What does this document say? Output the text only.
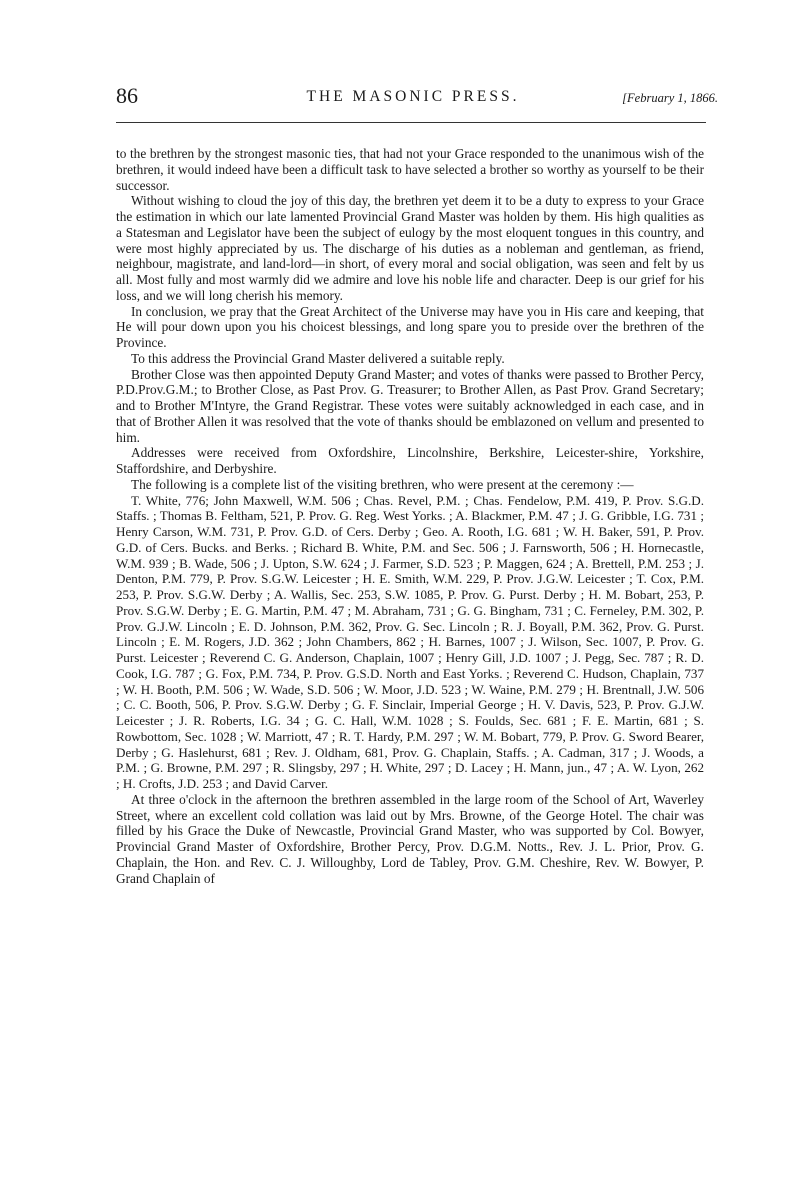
86	THE MASONIC PRESS.	[February 1, 1866.

to the brethren by the strongest masonic ties, that had not your Grace responded to the unanimous wish of the brethren, it would indeed have been a difficult task to have selected a brother so worthy as yourself to be their successor.

Without wishing to cloud the joy of this day, the brethren yet deem it to be a duty to express to your Grace the estimation in which our late lamented Provincial Grand Master was holden by them. His high qualities as a Statesman and Legislator have been the subject of eulogy by the most eloquent tongues in this country, and were most highly appreciated by us. The discharge of his duties as a nobleman and gentleman, as friend, neighbour, magistrate, and land-lord—in short, of every moral and social obligation, was seen and felt by us all. Most fully and most warmly did we admire and love his noble life and character. Deep is our grief for his loss, and we will long cherish his memory.

In conclusion, we pray that the Great Architect of the Universe may have you in His care and keeping, that He will pour down upon you his choicest blessings, and long spare you to preside over the brethren of the Province.

To this address the Provincial Grand Master delivered a suitable reply.

Brother Close was then appointed Deputy Grand Master; and votes of thanks were passed to Brother Percy, P.D.Prov.G.M.; to Brother Close, as Past Prov. G. Treasurer; to Brother Allen, as Past Prov. Grand Secretary; and to Brother M'Intyre, the Grand Registrar. These votes were suitably acknowledged in each case, and in that of Brother Allen it was resolved that the vote of thanks should be emblazoned on vellum and presented to him.

Addresses were received from Oxfordshire, Lincolnshire, Berkshire, Leicester-shire, Yorkshire, Staffordshire, and Derbyshire.

The following is a complete list of the visiting brethren, who were present at the ceremony :—

T. White, 776; John Maxwell, W.M. 506 ; Chas. Revel, P.M. ; Chas. Fendelow, P.M. 419, P. Prov. S.G.D. Staffs. ; Thomas B. Feltham, 521, P. Prov. G. Reg. West Yorks. ; A. Blackmer, P.M. 47 ; J. G. Gribble, I.G. 731 ; Henry Carson, W.M. 731, P. Prov. G.D. of Cers. Derby ; Geo. A. Rooth, I.G. 681 ; W. H. Baker, 591, P. Prov. G.D. of Cers. Bucks. and Berks. ; Richard B. White, P.M. and Sec. 506 ; J. Farnsworth, 506 ; H. Hornecastle, W.M. 939 ; B. Wade, 506 ; J. Upton, S.W. 624 ; J. Farmer, S.D. 523 ; P. Maggen, 624 ; A. Brettell, P.M. 253 ; J. Denton, P.M. 779, P. Prov. S.G.W. Leicester ; H. E. Smith, W.M. 229, P. Prov. J.G.W. Leicester ; T. Cox, P.M. 253, P. Prov. S.G.W. Derby ; A. Wallis, Sec. 253, S.W. 1085, P. Prov. G. Purst. Derby ; H. M. Bobart, 253, P. Prov. S.G.W. Derby ; E. G. Martin, P.M. 47 ; M. Abraham, 731 ; G. G. Bingham, 731 ; C. Ferneley, P.M. 302, P. Prov. G.J.W. Lincoln ; E. D. Johnson, P.M. 362, Prov. G. Sec. Lincoln ; R. J. Boyall, P.M. 362, Prov. G. Purst. Lincoln ; E. M. Rogers, J.D. 362 ; John Chambers, 862 ; H. Barnes, 1007 ; J. Wilson, Sec. 1007, P. Prov. G. Purst. Leicester ; Reverend C. G. Anderson, Chaplain, 1007 ; Henry Gill, J.D. 1007 ; J. Pegg, Sec. 787 ; R. D. Cook, I.G. 787 ; G. Fox, P.M. 734, P. Prov. G.S.D. North and East Yorks. ; Reverend C. Hudson, Chaplain, 737 ; W. H. Booth, P.M. 506 ; W. Wade, S.D. 506 ; W. Moor, J.D. 523 ; W. Waine, P.M. 279 ; H. Brentnall, J.W. 506 ; C. C. Booth, 506, P. Prov. S.G.W. Derby ; G. F. Sinclair, Imperial George ; H. V. Davis, 523, P. Prov. G.J.W. Leicester ; J. R. Roberts, I.G. 34 ; G. C. Hall, W.M. 1028 ; S. Foulds, Sec. 681 ; F. E. Martin, 681 ; S. Rowbottom, Sec. 1028 ; W. Marriott, 47 ; R. T. Hardy, P.M. 297 ; W. M. Bobart, 779, P. Prov. G. Sword Bearer, Derby ; G. Haslehurst, 681 ; Rev. J. Oldham, 681, Prov. G. Chaplain, Staffs. ; A. Cadman, 317 ; J. Woods, a P.M. ; G. Browne, P.M. 297 ; R. Slingsby, 297 ; H. White, 297 ; D. Lacey ; H. Mann, jun., 47 ; A. W. Lyon, 262 ; H. Crofts, J.D. 253 ; and David Carver.

At three o'clock in the afternoon the brethren assembled in the large room of the School of Art, Waverley Street, where an excellent cold collation was laid out by Mrs. Browne, of the George Hotel. The chair was filled by his Grace the Duke of Newcastle, Provincial Grand Master, who was supported by Col. Bowyer, Provincial Grand Master of Oxfordshire, Brother Percy, Prov. D.G.M. Notts., Rev. J. L. Prior, Prov. G. Chaplain, the Hon. and Rev. C. J. Willoughby, Lord de Tabley, Prov. G.M. Cheshire, Rev. W. Bowyer, P. Grand Chaplain of
